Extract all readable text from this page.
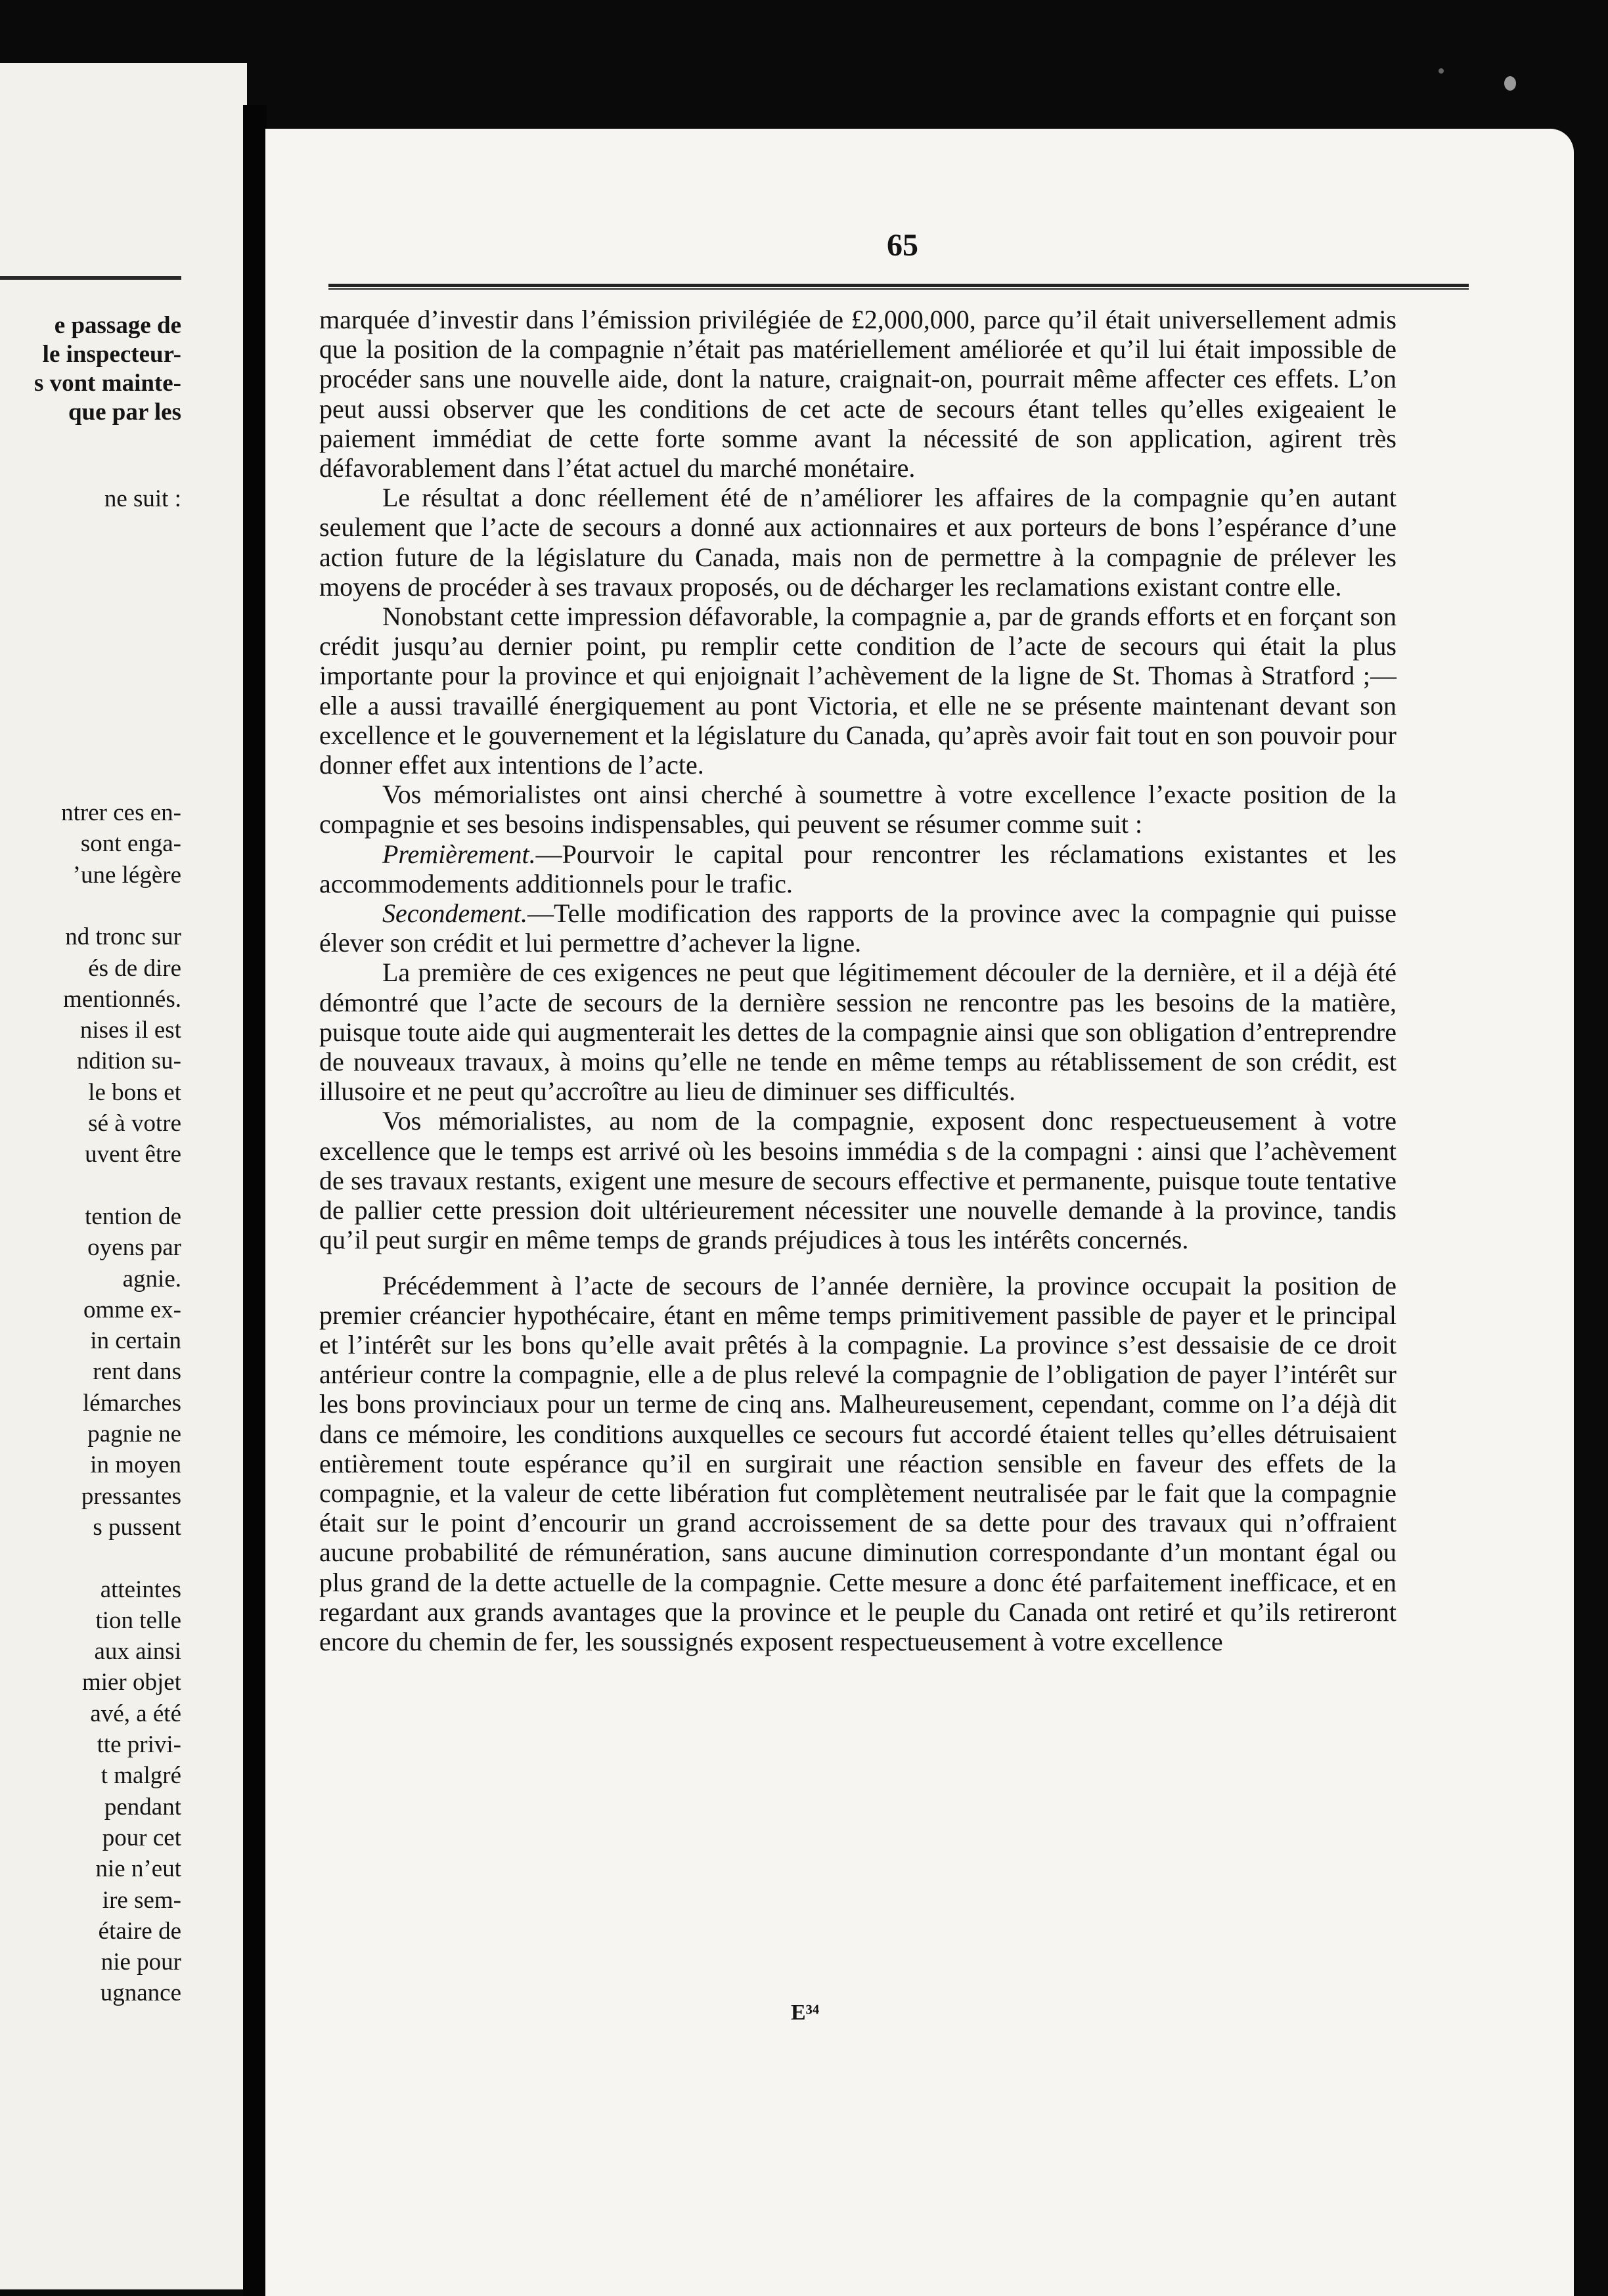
e passage de
le inspecteur-
s vont mainte-
que par les
ne suit :
ntrer ces en-
sont enga-
’une légère
nd tronc sur
és de dire
mentionnés.
nises il est
ndition su-
le bons et
sé à votre
uvent être
tention de
oyens par
agnie.
omme ex-
in certain
rent dans
lémarches
pagnie ne
in moyen
pressantes
s pussent
atteintes
tion telle
aux ainsi
mier objet
avé, a été
tte privi-
t malgré
pendant
pour cet
nie n’eut
ire sem-
étaire de
nie pour
ugnance
65

marquée d’investir dans l’émission privilégiée de £2,000,000, parce qu’il était universellement admis que la position de la compagnie n’était pas matériellement améliorée et qu’il lui était impossible de procéder sans une nouvelle aide, dont la nature, craignait-on, pourrait même affecter ces effets. L’on peut aussi observer que les conditions de cet acte de secours étant telles qu’elles exigeaient le paiement immédiat de cette forte somme avant la nécessité de son application, agirent très défavorablement dans l’état actuel du marché monétaire.

Le résultat a donc réellement été de n’améliorer les affaires de la compagnie qu’en autant seulement que l’acte de secours a donné aux actionnaires et aux porteurs de bons l’espérance d’une action future de la législature du Canada, mais non de permettre à la compagnie de prélever les moyens de procéder à ses travaux proposés, ou de décharger les reclamations existant contre elle.

Nonobstant cette impression défavorable, la compagnie a, par de grands efforts et en forçant son crédit jusqu’au dernier point, pu remplir cette condition de l’acte de secours qui était la plus importante pour la province et qui enjoignait l’achèvement de la ligne de St. Thomas à Stratford ;—elle a aussi travaillé énergiquement au pont Victoria, et elle ne se présente maintenant devant son excellence et le gouvernement et la législature du Canada, qu’après avoir fait tout en son pouvoir pour donner effet aux intentions de l’acte.

Vos mémorialistes ont ainsi cherché à soumettre à votre excellence l’exacte position de la compagnie et ses besoins indispensables, qui peuvent se résumer comme suit :

Premièrement.—Pourvoir le capital pour rencontrer les réclamations existantes et les accommodements additionnels pour le trafic.

Secondement.—Telle modification des rapports de la province avec la compagnie qui puisse élever son crédit et lui permettre d’achever la ligne.

La première de ces exigences ne peut que légitimement découler de la dernière, et il a déjà été démontré que l’acte de secours de la dernière session ne rencontre pas les besoins de la matière, puisque toute aide qui augmenterait les dettes de la compagnie ainsi que son obligation d’entreprendre de nouveaux travaux, à moins qu’elle ne tende en même temps au rétablissement de son crédit, est illusoire et ne peut qu’accroître au lieu de diminuer ses difficultés.

Vos mémorialistes, au nom de la compagnie, exposent donc respectueusement à votre excellence que le temps est arrivé où les besoins immédia s de la compagni : ainsi que l’achèvement de ses travaux restants, exigent une mesure de secours effective et permanente, puisque toute tentative de pallier cette pression doit ultérieurement nécessiter une nouvelle demande à la province, tandis qu’il peut surgir en même temps de grands préjudices à tous les intérêts concernés.

Précédemment à l’acte de secours de l’année dernière, la province occupait la position de premier créancier hypothécaire, étant en même temps primitivement passible de payer et le principal et l’intérêt sur les bons qu’elle avait prêtés à la compagnie. La province s’est dessaisie de ce droit antérieur contre la compagnie, elle a de plus relevé la compagnie de l’obligation de payer l’intérêt sur les bons provinciaux pour un terme de cinq ans. Malheureusement, cependant, comme on l’a déjà dit dans ce mémoire, les conditions auxquelles ce secours fut accordé étaient telles qu’elles détruisaient entièrement toute espérance qu’il en surgirait une réaction sensible en faveur des effets de la compagnie, et la valeur de cette libération fut complètement neutralisée par le fait que la compagnie était sur le point d’encourir un grand accroissement de sa dette pour des travaux qui n’offraient aucune probabilité de rémunération, sans aucune diminution correspondante d’un montant égal ou plus grand de la dette actuelle de la compagnie. Cette mesure a donc été parfaitement inefficace, et en regardant aux grands avantages que la province et le peuple du Canada ont retiré et qu’ils retireront encore du chemin de fer, les soussignés exposent respectueusement à votre excellence

E³⁴
